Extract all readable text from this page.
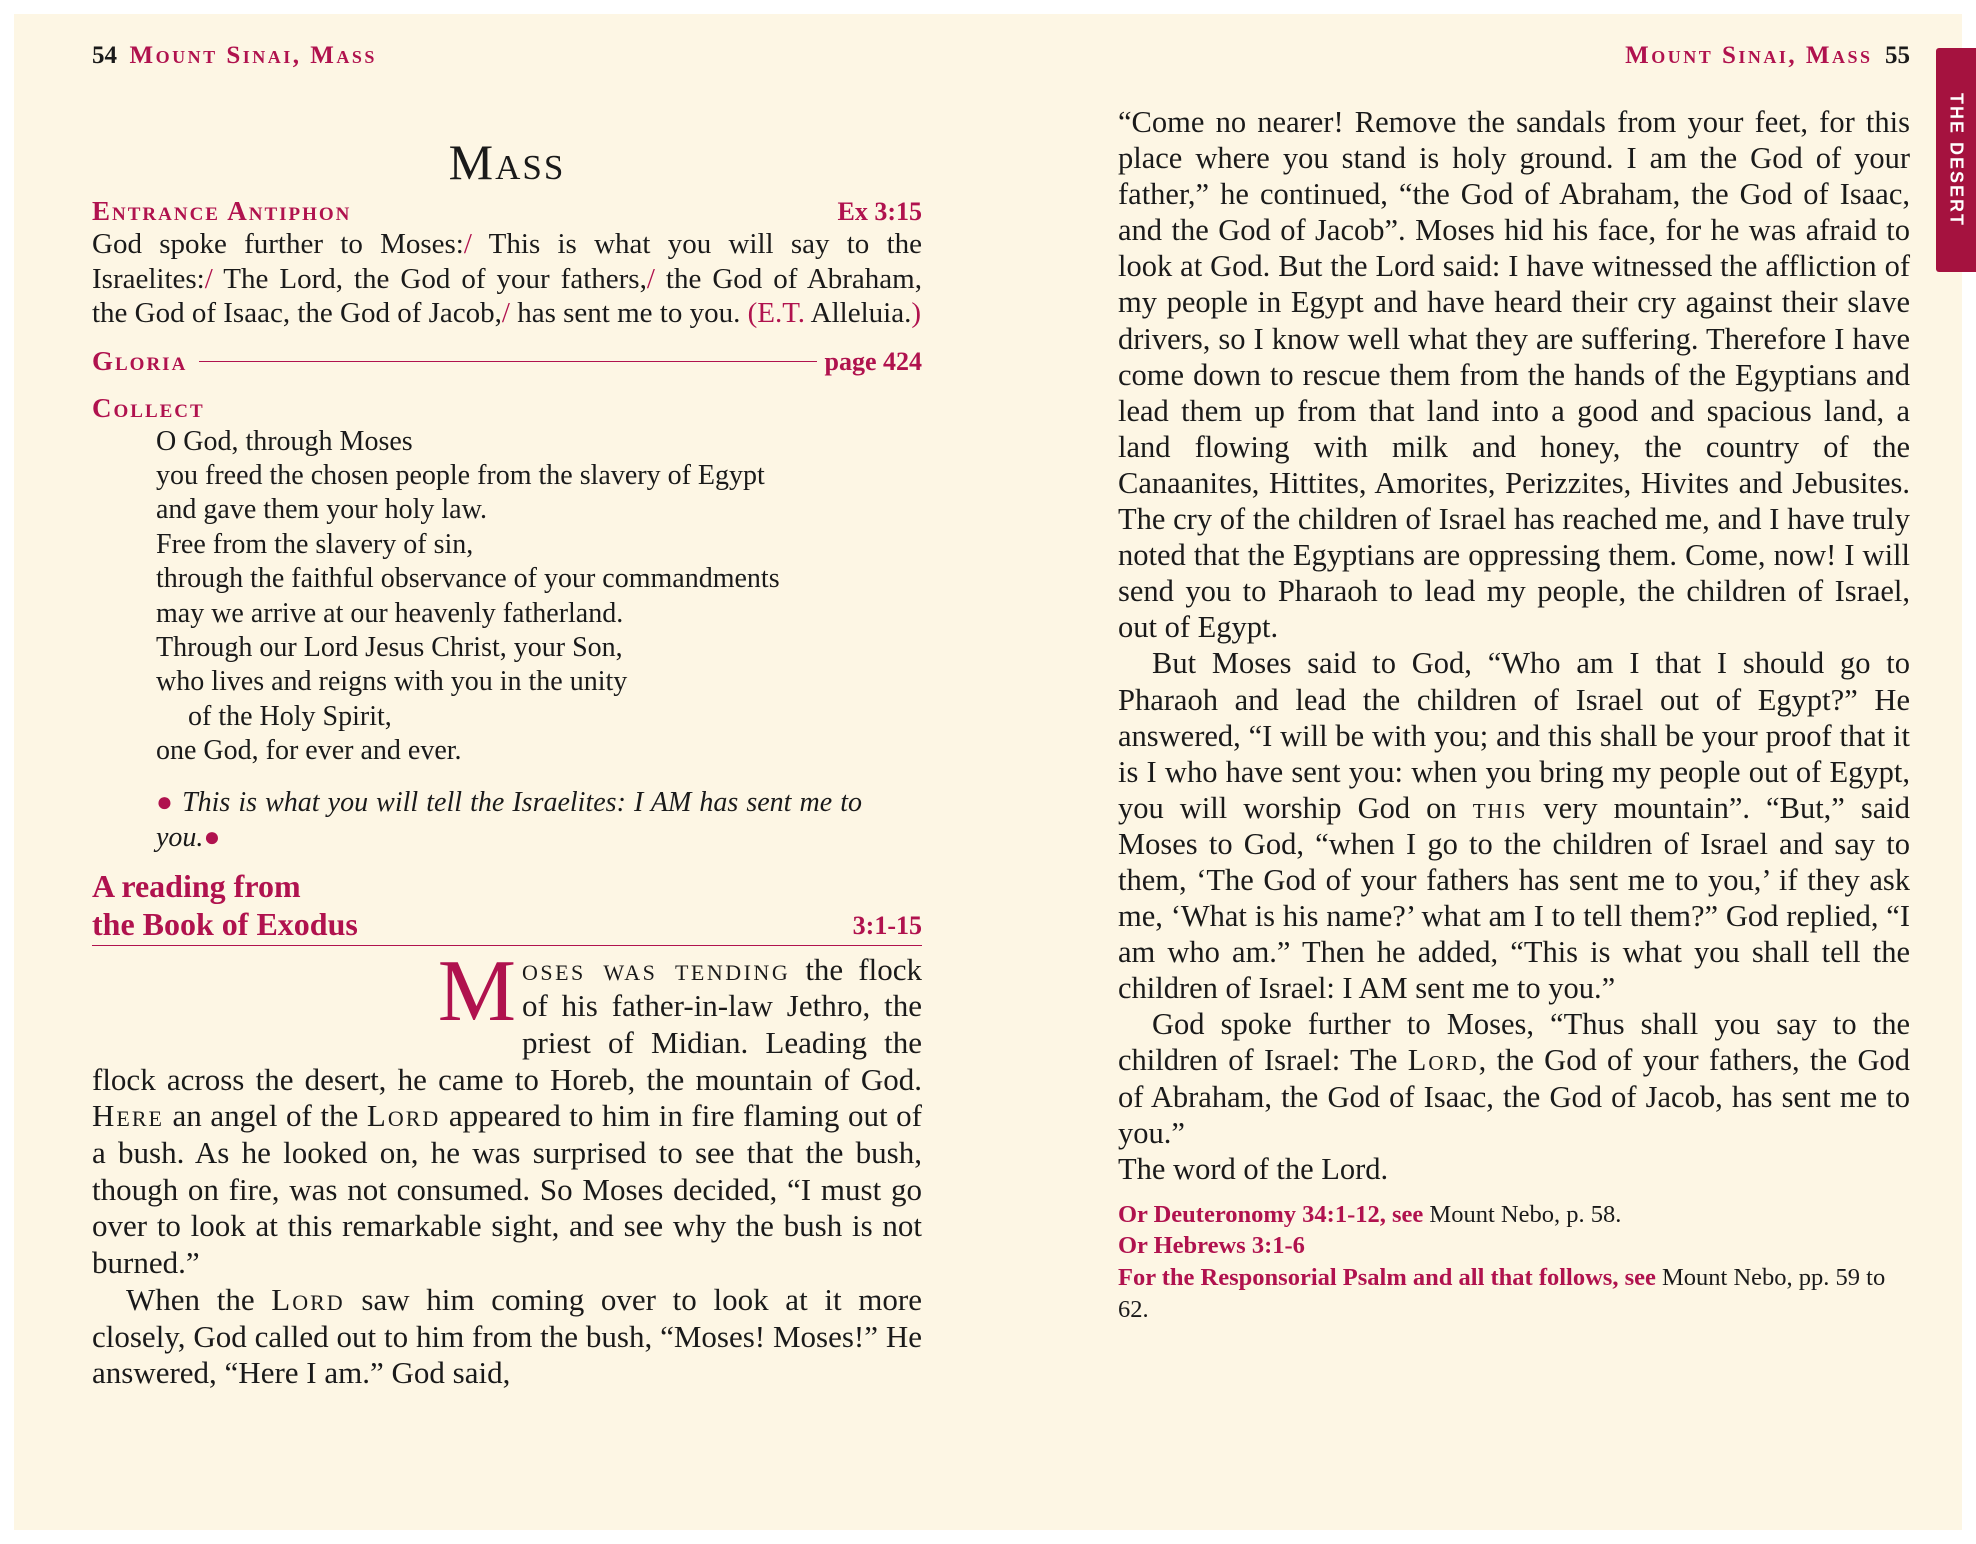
54 Mount Sinai, Mass
Mass
Entrance Antiphon	Ex 3:15
God spoke further to Moses:/ This is what you will say to the Israelites:/ The Lord, the God of your fathers,/ the God of Abraham, the God of Isaac, the God of Jacob,/ has sent me to you. (E.T. Alleluia.)
Gloria	page 424
Collect
O God, through Moses
you freed the chosen people from the slavery of Egypt
and gave them your holy law.
Free from the slavery of sin,
through the faithful observance of your commandments
may we arrive at our heavenly fatherland.
Through our Lord Jesus Christ, your Son,
who lives and reigns with you in the unity
of the Holy Spirit,
one God, for ever and ever.
● This is what you will tell the Israelites: I AM has sent me to you.●
A reading from
the Book of Exodus	3:1-15

Moses was tending the flock of his father-in-law Jethro, the priest of Midian. Leading the flock across the desert, he came to Horeb, the mountain of God. Here an angel of the Lord appeared to him in fire flaming out of a bush. As he looked on, he was surprised to see that the bush, though on fire, was not consumed. So Moses decided, “I must go over to look at this remarkable sight, and see why the bush is not burned.”

When the Lord saw him coming over to look at it more closely, God called out to him from the bush, “Moses! Moses!” He answered, “Here I am.” God said,

Mount Sinai, Mass 55
THE DESERT

“Come no nearer! Remove the sandals from your feet, for this place where you stand is holy ground. I am the God of your father,” he continued, “the God of Abraham, the God of Isaac, and the God of Jacob”. Moses hid his face, for he was afraid to look at God. But the Lord said: I have witnessed the affliction of my people in Egypt and have heard their cry against their slave drivers, so I know well what they are suffering. Therefore I have come down to rescue them from the hands of the Egyptians and lead them up from that land into a good and spacious land, a land flowing with milk and honey, the country of the Canaanites, Hittites, Amorites, Perizzites, Hivites and Jebusites. The cry of the children of Israel has reached me, and I have truly noted that the Egyptians are oppressing them. Come, now! I will send you to Pharaoh to lead my people, the children of Israel, out of Egypt.

But Moses said to God, “Who am I that I should go to Pharaoh and lead the children of Israel out of Egypt?” He answered, “I will be with you; and this shall be your proof that it is I who have sent you: when you bring my people out of Egypt, you will worship God on this very mountain”. “But,” said Moses to God, “when I go to the children of Israel and say to them, ‘The God of your fathers has sent me to you,’ if they ask me, ‘What is his name?’ what am I to tell them?” God replied, “I am who am.” Then he added, “This is what you shall tell the children of Israel: I AM sent me to you.”

God spoke further to Moses, “Thus shall you say to the children of Israel: The Lord, the God of your fathers, the God of Abraham, the God of Isaac, the God of Jacob, has sent me to you.”

The word of the Lord.

Or Deuteronomy 34:1-12, see Mount Nebo, p. 58.
Or Hebrews 3:1-6
For the Responsorial Psalm and all that follows, see Mount Nebo, pp. 59 to 62.
